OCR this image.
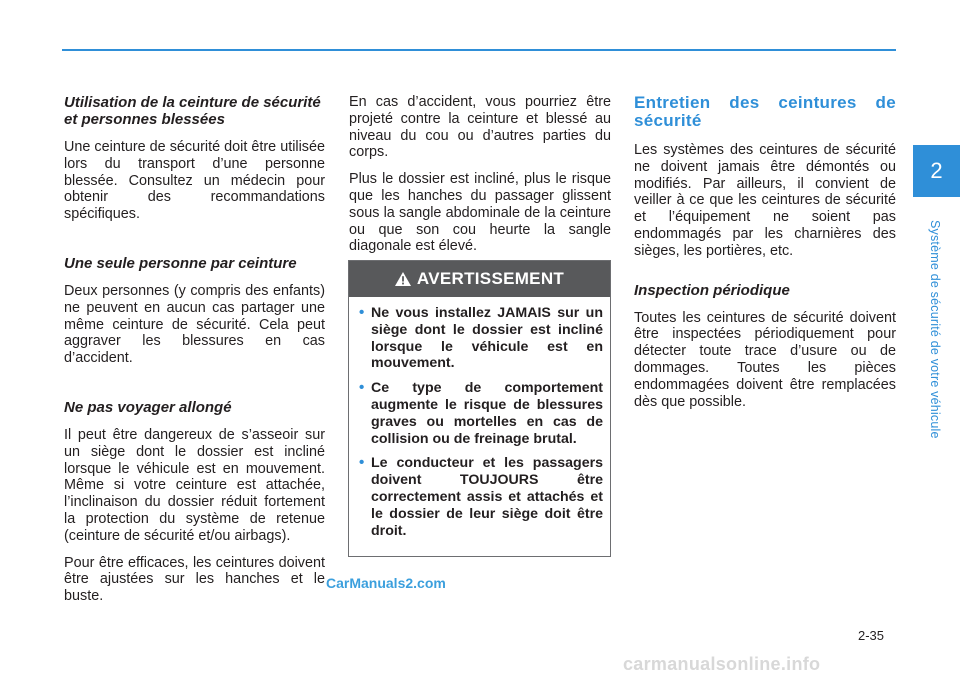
Utilisation de la ceinture de sécurité et personnes blessées
Une ceinture de sécurité doit être utilisée lors du transport d’une personne blessée. Consultez un médecin pour obtenir des recommandations spécifiques.
Une seule personne par ceinture
Deux personnes (y compris des enfants) ne peuvent en aucun cas partager une même ceinture de sécurité. Cela peut aggraver les blessures en cas d’accident.
Ne pas voyager allongé
Il peut être dangereux de s’asseoir sur un siège dont le dossier est incliné lorsque le véhicule est en mouvement. Même si votre ceinture est attachée, l’inclinaison du dossier réduit fortement la protection du système de retenue (ceinture de sécurité et/ou airbags).
Pour être efficaces, les ceintures doivent être ajustées sur les hanches et le buste.
En cas d’accident, vous pourriez être projeté contre la ceinture et blessé au niveau du cou ou d’autres parties du corps.
Plus le dossier est incliné, plus le risque que les hanches du passager glissent sous la sangle abdominale de la ceinture ou que son cou heurte la sangle diagonale est élevé.
AVERTISSEMENT
• Ne vous installez JAMAIS sur un siège dont le dossier est incliné lorsque le véhicule est en mouvement.
• Ce type de comportement augmente le risque de blessures graves ou mortelles en cas de collision ou de freinage brutal.
• Le conducteur et les passagers doivent TOUJOURS être correctement assis et attachés et le dossier de leur siège doit être droit.
Entretien des ceintures de sécurité
Les systèmes des ceintures de sécurité ne doivent jamais être démontés ou modifiés. Par ailleurs, il convient de veiller à ce que les ceintures de sécurité et l’équipement ne soient pas endommagés par les charnières des sièges, les portières, etc.
Inspection périodique
Toutes les ceintures de sécurité doivent être inspectées périodiquement pour détecter toute trace d’usure ou de dommages. Toutes les pièces endommagées doivent être remplacées dès que possible.
2
Système de sécurité de votre véhicule
CarManuals2.com
2-35
carmanualsonline.info
